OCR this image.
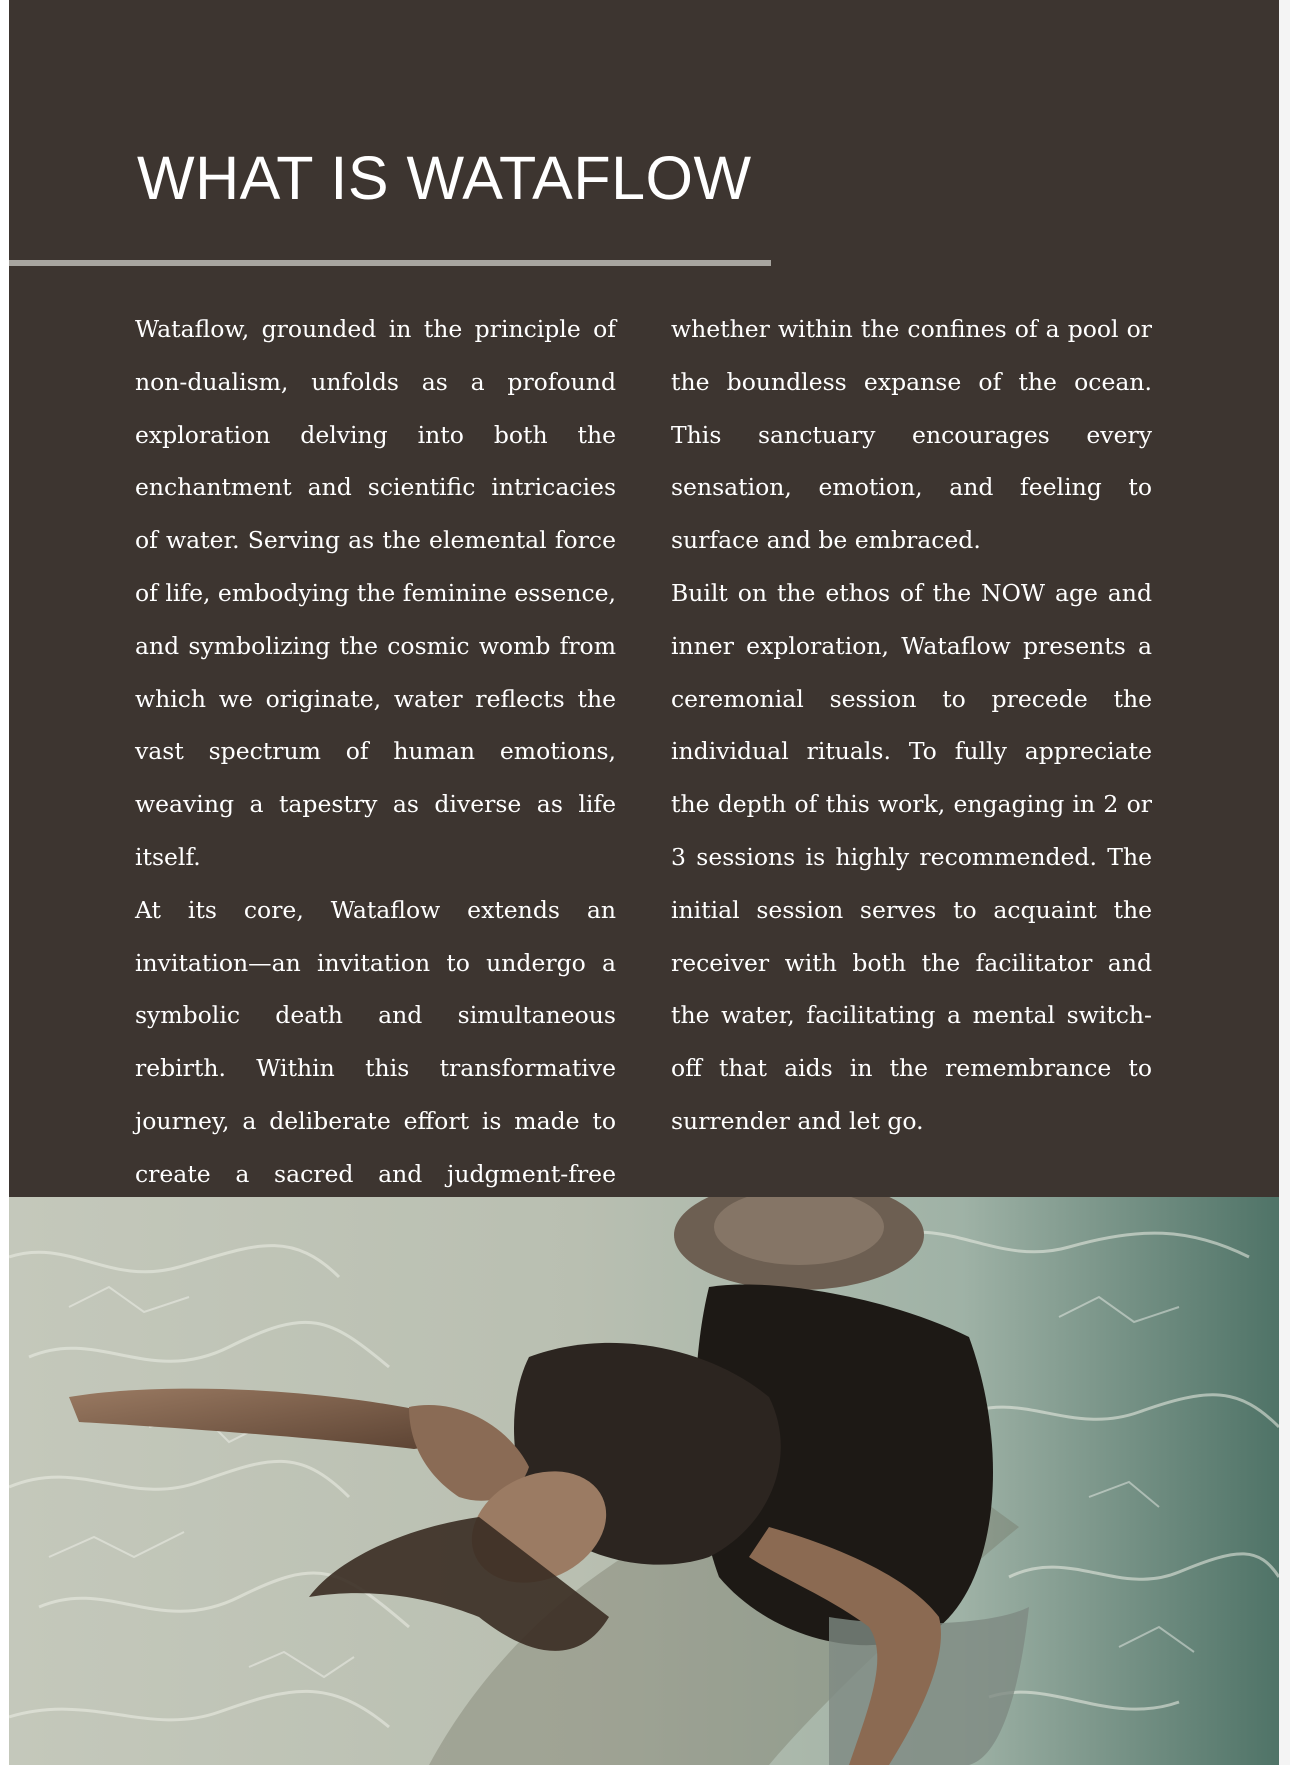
WHAT IS WATAFLOW

Wataflow, grounded in the principle of non-dualism, unfolds as a profound exploration delving into both the enchantment and scientific intricacies of water. Serving as the elemental force of life, embodying the feminine essence, and symbolizing the cosmic womb from which we originate, water reflects the vast spectrum of human emotions, weaving a tapestry as diverse as life itself.

At its core, Wataflow extends an invitation—an invitation to undergo a symbolic death and simultaneous rebirth. Within this transformative journey, a deliberate effort is made to create a sacred and judgment-free

whether within the confines of a pool or the boundless expanse of the ocean. This sanctuary encourages every sensation, emotion, and feeling to surface and be embraced.

Built on the ethos of the NOW age and inner exploration, Wataflow presents a ceremonial session to precede the individual rituals. To fully appreciate the depth of this work, engaging in 2 or 3 sessions is highly recommended. The initial session serves to acquaint the receiver with both the facilitator and the water, facilitating a mental switch-off that aids in the remembrance to surrender and let go.
